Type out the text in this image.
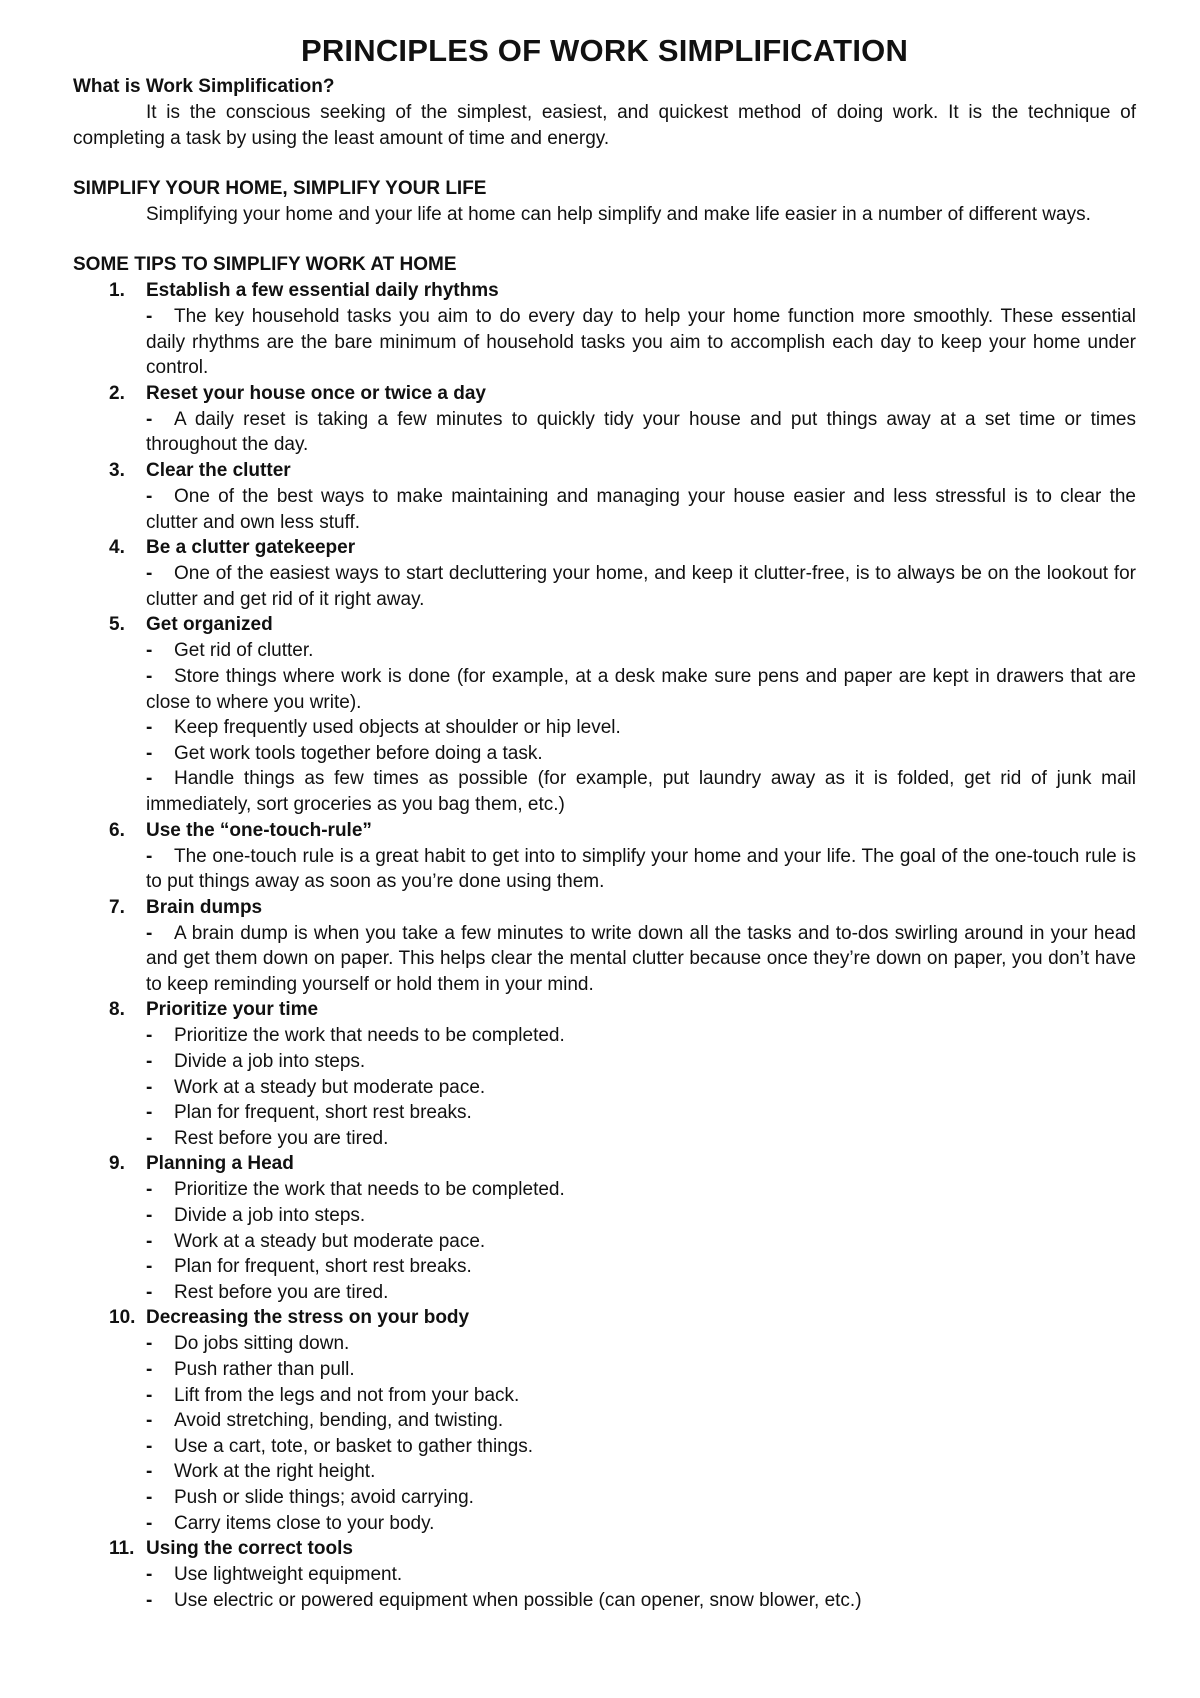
PRINCIPLES OF WORK SIMPLIFICATION
What is Work Simplification?

It is the conscious seeking of the simplest, easiest, and quickest method of doing work. It is the technique of completing a task by using the least amount of time and energy.

SIMPLIFY YOUR HOME, SIMPLIFY YOUR LIFE

Simplifying your home and your life at home can help simplify and make life easier in a number of different ways.

SOME TIPS TO SIMPLIFY WORK AT HOME
1.	Establish a few essential daily rhythms

- The key household tasks you aim to do every day to help your home function more smoothly. These essential daily rhythms are the bare minimum of household tasks you aim to accomplish each day to keep your home under control.

2.	Reset your house once or twice a day

- A daily reset is taking a few minutes to quickly tidy your house and put things away at a set time or times throughout the day.

3.	Clear the clutter

- One of the best ways to make maintaining and managing your house easier and less stressful is to clear the clutter and own less stuff.

4.	Be a clutter gatekeeper

- One of the easiest ways to start decluttering your home, and keep it clutter-free, is to always be on the lookout for clutter and get rid of it right away.

5.	Get organized

- Get rid of clutter.

- Store things where work is done (for example, at a desk make sure pens and paper are kept in drawers that are close to where you write).

- Keep frequently used objects at shoulder or hip level.

- Get work tools together before doing a task.

- Handle things as few times as possible (for example, put laundry away as it is folded, get rid of junk mail immediately, sort groceries as you bag them, etc.)

6.	Use the “one-touch-rule”

- The one-touch rule is a great habit to get into to simplify your home and your life. The goal of the one-touch rule is to put things away as soon as you’re done using them.

7.	Brain dumps

- A brain dump is when you take a few minutes to write down all the tasks and to-dos swirling around in your head and get them down on paper. This helps clear the mental clutter because once they’re down on paper, you don’t have to keep reminding yourself or hold them in your mind.

8.	Prioritize your time

- Prioritize the work that needs to be completed.

- Divide a job into steps.

- Work at a steady but moderate pace.

- Plan for frequent, short rest breaks.

- Rest before you are tired.

9.	Planning a Head

- Prioritize the work that needs to be completed.

- Divide a job into steps.

- Work at a steady but moderate pace.

- Plan for frequent, short rest breaks.

- Rest before you are tired.

10. Decreasing the stress on your body

- Do jobs sitting down.

- Push rather than pull.

- Lift from the legs and not from your back.

- Avoid stretching, bending, and twisting.

- Use a cart, tote, or basket to gather things.

- Work at the right height.

- Push or slide things; avoid carrying.

- Carry items close to your body.

11. Using the correct tools

- Use lightweight equipment.

- Use electric or powered equipment when possible (can opener, snow blower, etc.)
